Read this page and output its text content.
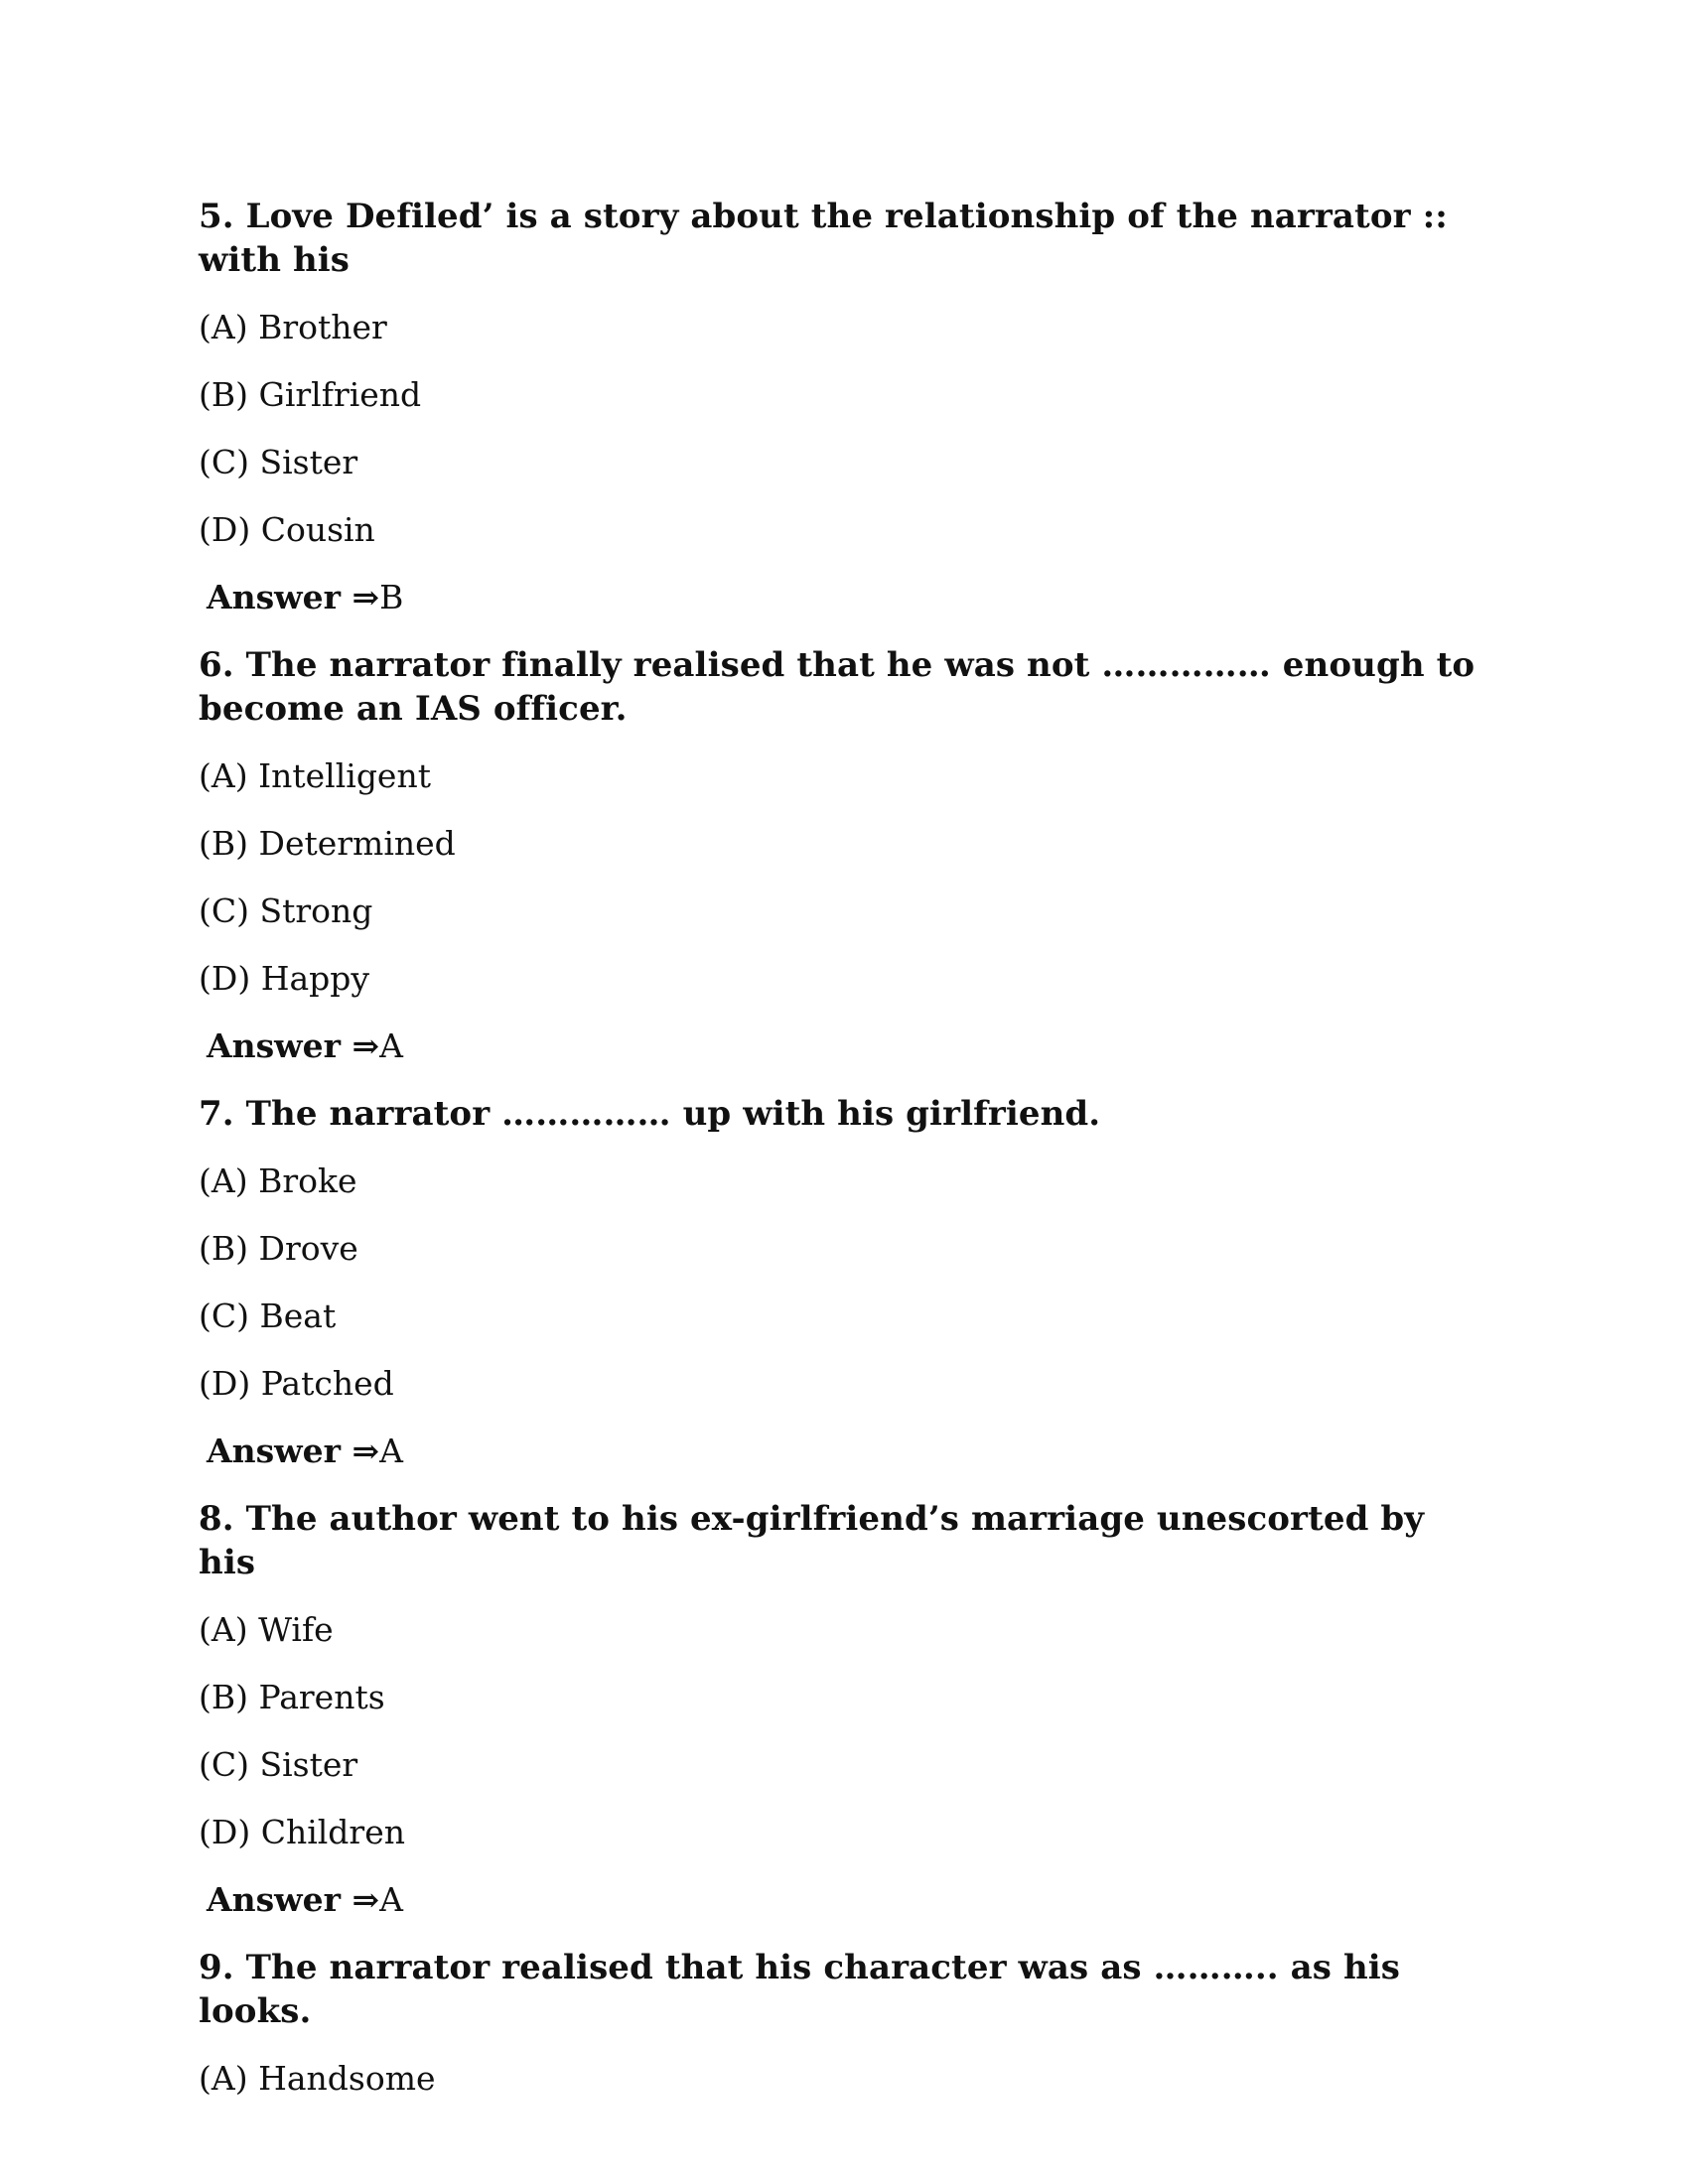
5. Love Defiled’ is a story about the relationship of the narrator :: with his

(A) Brother

(B) Girlfriend

(C) Sister

(D) Cousin

Answer ⇒B

6. The narrator finally realised that he was not …………… enough to become an IAS officer.

(A) Intelligent

(B) Determined

(C) Strong

(D) Happy

Answer ⇒A

7. The narrator …………… up with his girlfriend.

(A) Broke

(B) Drove

(C) Beat

(D) Patched

Answer ⇒A

8. The author went to his ex-girlfriend’s marriage unescorted by his

(A) Wife

(B) Parents

(C) Sister

(D) Children

Answer ⇒A

9. The narrator realised that his character was as ……….. as his looks.

(A) Handsome
